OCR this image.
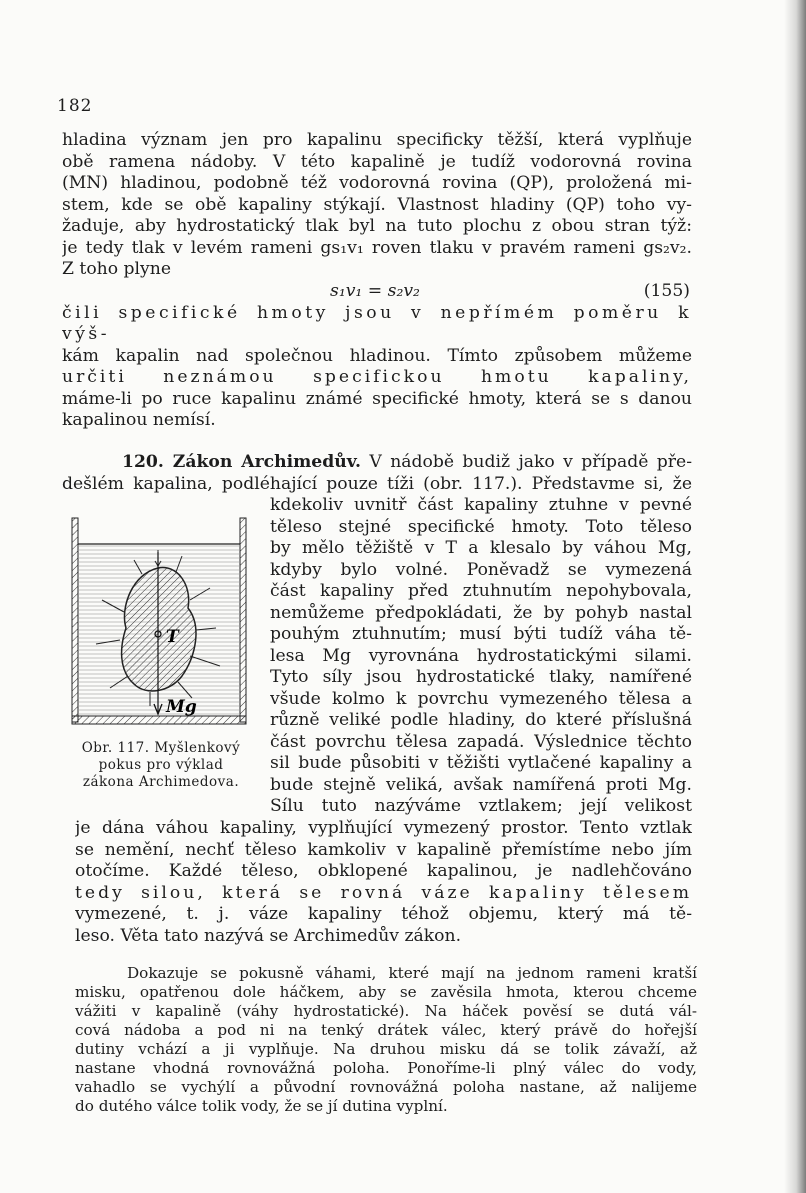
182
hladina význam jen pro kapalinu specificky těžší, která vyplňuje
obě ramena nádoby. V této kapalině je tudíž vodorovná rovina
(MN) hladinou, podobně též vodorovná rovina (QP), proložená mi-
stem, kde se obě kapaliny stýkají. Vlastnost hladiny (QP) toho vy-
žaduje, aby hydrostatický tlak byl na tuto plochu z obou stran týž:
je tedy tlak v levém rameni gs₁v₁ roven tlaku v pravém rameni gs₂v₂.
Z toho plyne
s₁v₁ = s₂v₂	(155)
čili specifické hmoty jsou v nepřímém poměru k výš-
kám kapalin nad společnou hladinou. Tímto způsobem můžeme
určiti neznámou specifickou hmotu kapaliny,
máme-li po ruce kapalinu známé specifické hmoty, která se s danou
kapalinou nemísí.
120. Zákon Archimedův. V nádobě budiž jako v případě pře-
dešlém kapalina, podléhající pouze tíži (obr. 117.). Představme si, že
T
Mg
Obr. 117. Myšlenkový
pokus pro výklad
zákona Archimedova.
kdekoliv uvnitř část kapaliny ztuhne v pevné
těleso stejné specifické hmoty. Toto těleso
by mělo těžiště v T a klesalo by váhou Mg,
kdyby bylo volné. Poněvadž se vymezená
část kapaliny před ztuhnutím nepohybovala,
nemůžeme předpokládati, že by pohyb nastal
pouhým ztuhnutím; musí býti tudíž váha tě-
lesa Mg vyrovnána hydrostatickými silami.
Tyto síly jsou hydrostatické tlaky, namířené
všude kolmo k povrchu vymezeného tělesa a
různě veliké podle hladiny, do které příslušná
část povrchu tělesa zapadá. Výslednice těchto
sil bude působiti v těžišti vytlačené kapaliny a
bude stejně veliká, avšak namířená proti Mg.
Sílu tuto nazýváme vztlakem; její velikost
je dána váhou kapaliny, vyplňující vymezený prostor. Tento vztlak
se nemění, nechť těleso kamkoliv v kapalině přemístíme nebo jím
otočíme. Každé těleso, obklopené kapalinou, je nadlehčováno
tedy silou, která se rovná váze kapaliny tělesem
vymezené, t. j. váze kapaliny téhož objemu, který má tě-
leso. Věta tato nazývá se Archimedův zákon.
Dokazuje se pokusně váhami, které mají na jednom rameni kratší
misku, opatřenou dole háčkem, aby se zavěsila hmota, kterou chceme
vážiti v kapalině (váhy hydrostatické). Na háček pověsí se dutá vál-
cová nádoba a pod ni na tenký drátek válec, který právě do hořejší
dutiny vchází a ji vyplňuje. Na druhou misku dá se tolik závaží, až
nastane vhodná rovnovážná poloha. Ponoříme-li plný válec do vody,
vahadlo se vychýlí a původní rovnovážná poloha nastane, až nalijeme
do dutého válce tolik vody, že se jí dutina vyplní.
